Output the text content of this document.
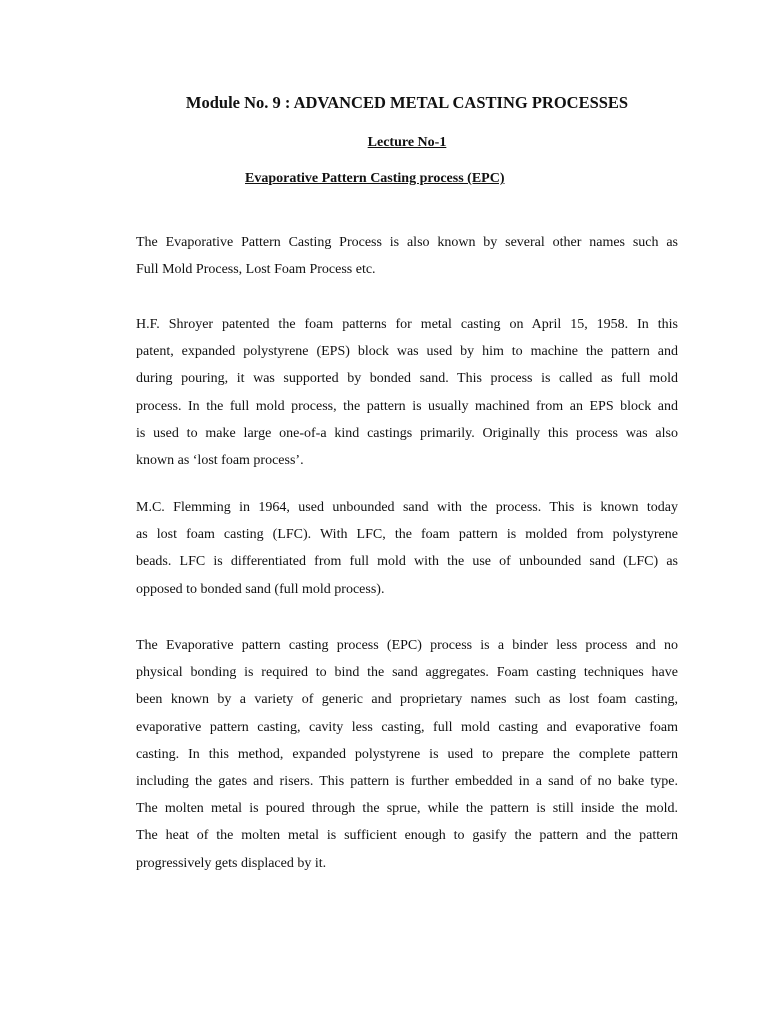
Module No. 9 : ADVANCED METAL CASTING PROCESSES
Lecture No-1
Evaporative Pattern Casting process (EPC)

The Evaporative Pattern Casting Process is also known by several other names such as
Full Mold Process, Lost Foam Process etc.

H.F. Shroyer patented the foam patterns for metal casting on April 15, 1958. In this
patent, expanded polystyrene (EPS) block was used by him to machine the pattern and
during pouring, it was supported by bonded sand. This process is called as full mold
process. In the full mold process, the pattern is usually machined from an EPS block and
is used to make large one-of-a kind castings primarily. Originally this process was also
known as ‘lost foam process’.

M.C. Flemming in 1964, used unbounded sand with the process. This is known today
as lost foam casting (LFC). With LFC, the foam pattern is molded from polystyrene
beads. LFC is differentiated from full mold with the use of unbounded sand (LFC) as
opposed to bonded sand (full mold process).

The Evaporative pattern casting process (EPC) process is a binder less process and no
physical bonding is required to bind the sand aggregates. Foam casting techniques have
been known by a variety of generic and proprietary names such as lost foam casting,
evaporative pattern casting, cavity less casting, full mold casting and evaporative foam
casting. In this method, expanded polystyrene is used to prepare the complete pattern
including the gates and risers. This pattern is further embedded in a sand of no bake type.
The molten metal is poured through the sprue, while the pattern is still inside the mold.
The heat of the molten metal is sufficient enough to gasify the pattern and the pattern
progressively gets displaced by it.
